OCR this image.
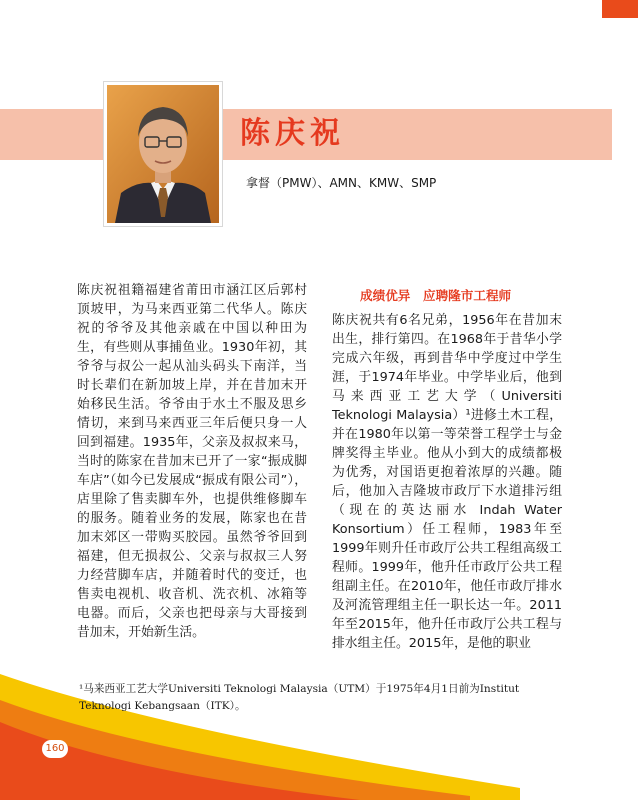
陈庆祝

拿督（PMW）、AMN、KMW、SMP

陈庆祝祖籍福建省莆田市涵江区后郭村顶坡甲，为马来西亚第二代华人。陈庆祝的爷爷及其他亲戚在中国以种田为生，有些则从事捕鱼业。1930年初，其爷爷与叔公一起从汕头码头下南洋，当时长辈们在新加坡上岸，并在昔加末开始移民生活。爷爷由于水土不服及思乡情切，来到马来西亚三年后便只身一人回到福建。1935年，父亲及叔叔来马，当时的陈家在昔加末已开了一家“振成脚车店”（如今已发展成“振成有限公司”），店里除了售卖脚车外，也提供维修脚车的服务。随着业务的发展，陈家也在昔加末郊区一带购买胶园。虽然爷爷回到福建，但无损叔公、父亲与叔叔三人努力经营脚车店，并随着时代的变迁，也售卖电视机、收音机、洗衣机、冰箱等电器。而后，父亲也把母亲与大哥接到昔加末，开始新生活。

成绩优异　应聘隆市工程师

陈庆祝共有6名兄弟，1956年在昔加末出生，排行第四。在1968年于昔华小学完成六年级，再到昔华中学度过中学生涯，于1974年毕业。中学毕业后，他到马来西亚工艺大学（Universiti Teknologi Malaysia）¹进修土木工程，并在1980年以第一等荣誉工程学士与金牌奖得主毕业。他从小到大的成绩都极为优秀，对国语更抱着浓厚的兴趣。随后，他加入吉隆坡市政厅下水道排污组（现在的英达丽水 Indah Water Konsortium）任工程师，1983年至1999年则升任市政厅公共工程组高级工程师。1999年，他升任市政厅公共工程组副主任。在2010年，他任市政厅排水及河流管理组主任一职长达一年。2011年至2015年，他升任市政厅公共工程与排水组主任。2015年，是他的职业

¹马来西亚工艺大学Universiti Teknologi Malaysia（UTM）于1975年4月1日前为Institut Teknologi Kebangsaan（ITK）。

160
